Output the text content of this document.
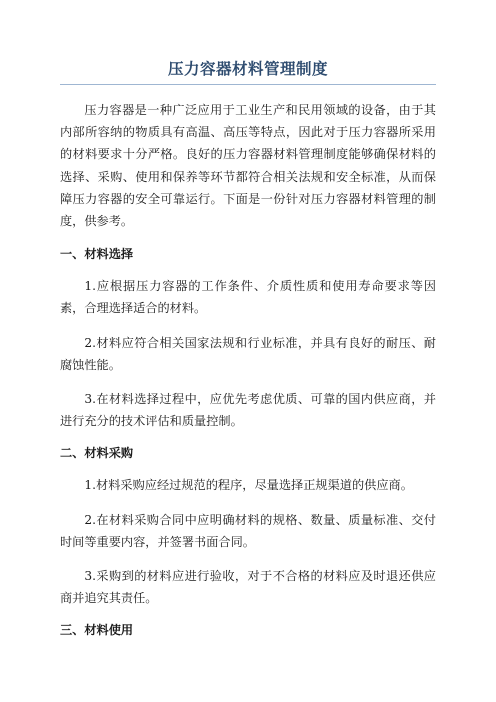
压力容器材料管理制度

压力容器是一种广泛应用于工业生产和民用领域的设备，由于其内部所容纳的物质具有高温、高压等特点，因此对于压力容器所采用的材料要求十分严格。良好的压力容器材料管理制度能够确保材料的选择、采购、使用和保养等环节都符合相关法规和安全标准，从而保障压力容器的安全可靠运行。下面是一份针对压力容器材料管理的制度，供参考。

一、材料选择

1.应根据压力容器的工作条件、介质性质和使用寿命要求等因素，合理选择适合的材料。

2.材料应符合相关国家法规和行业标准，并具有良好的耐压、耐腐蚀性能。

3.在材料选择过程中，应优先考虑优质、可靠的国内供应商，并进行充分的技术评估和质量控制。

二、材料采购

1.材料采购应经过规范的程序，尽量选择正规渠道的供应商。

2.在材料采购合同中应明确材料的规格、数量、质量标准、交付时间等重要内容，并签署书面合同。

3.采购到的材料应进行验收，对于不合格的材料应及时退还供应商并追究其责任。

三、材料使用
